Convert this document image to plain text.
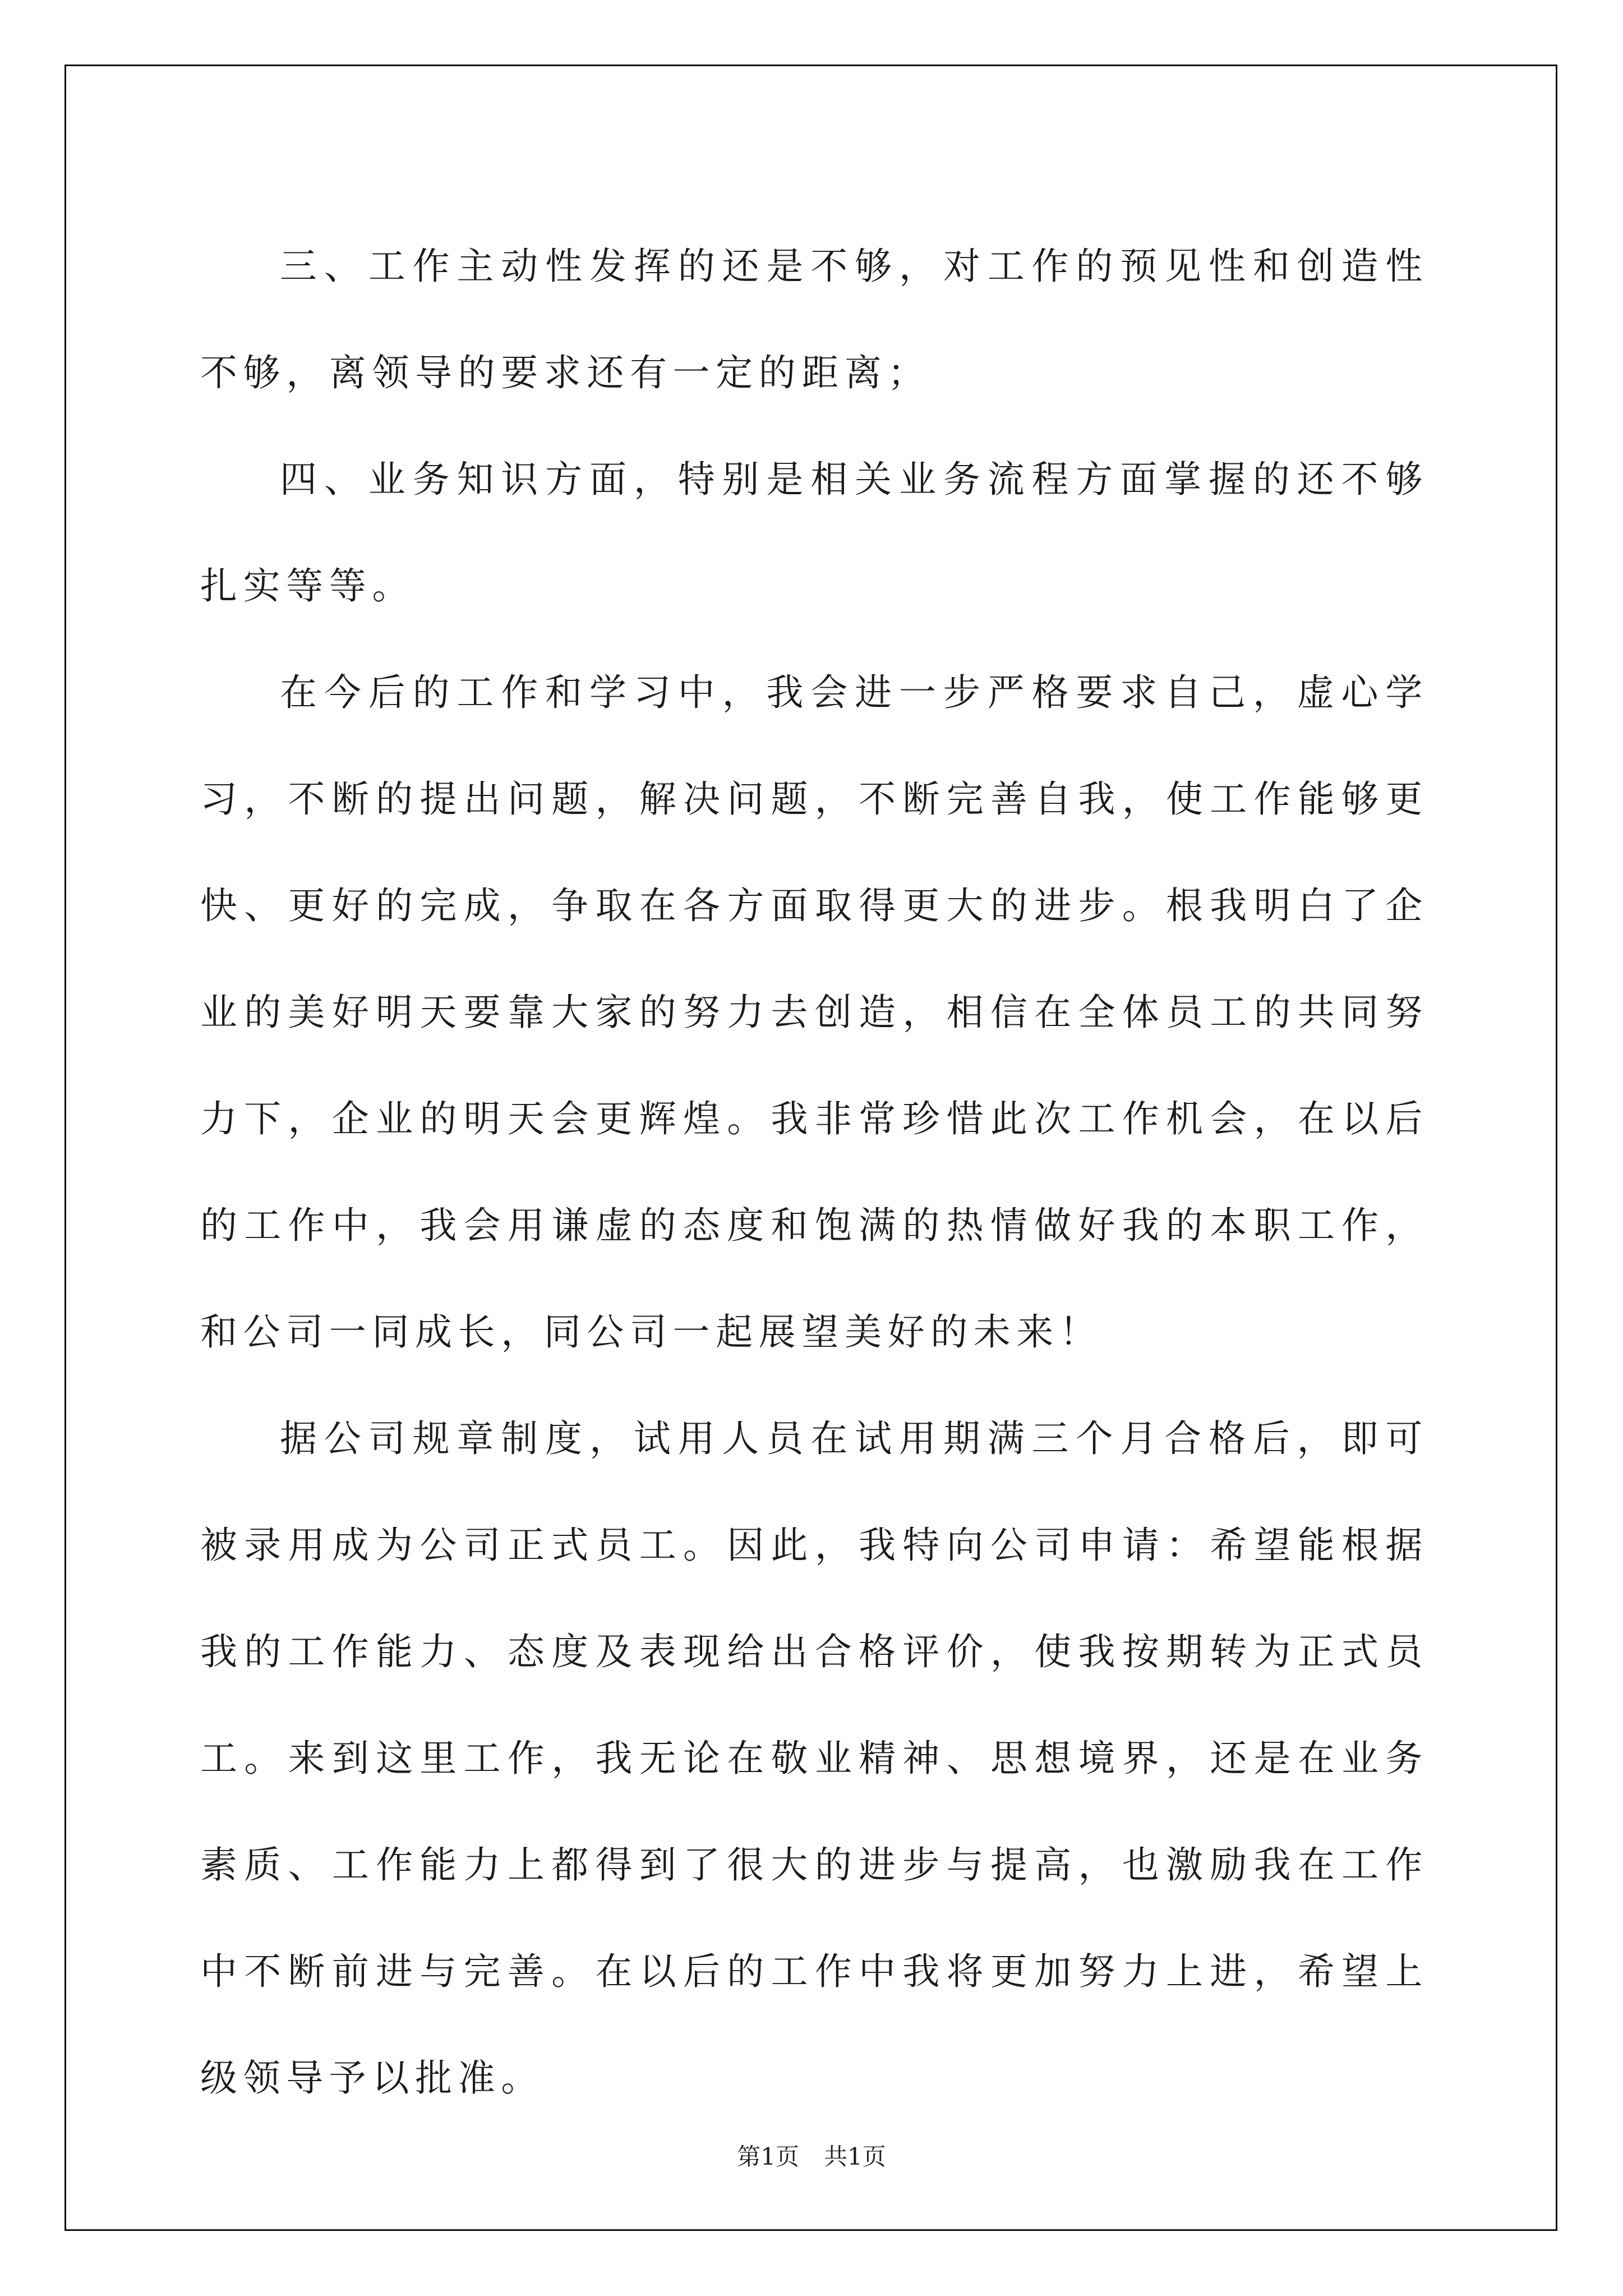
三、工作主动性发挥的还是不够，对工作的预见性和创造性不够，离领导的要求还有一定的距离；

四、业务知识方面，特别是相关业务流程方面掌握的还不够扎实等等。

在今后的工作和学习中，我会进一步严格要求自己，虚心学习，不断的提出问题，解决问题，不断完善自我，使工作能够更快、更好的完成，争取在各方面取得更大的进步。根我明白了企业的美好明天要靠大家的努力去创造，相信在全体员工的共同努力下，企业的明天会更辉煌。我非常珍惜此次工作机会，在以后的工作中，我会用谦虚的态度和饱满的热情做好我的本职工作，和公司一同成长，同公司一起展望美好的未来！

据公司规章制度，试用人员在试用期满三个月合格后，即可被录用成为公司正式员工。因此，我特向公司申请：希望能根据我的工作能力、态度及表现给出合格评价，使我按期转为正式员工。来到这里工作，我无论在敬业精神、思想境界，还是在业务素质、工作能力上都得到了很大的进步与提高，也激励我在工作中不断前进与完善。在以后的工作中我将更加努力上进，希望上级领导予以批准。

第1页 共1页
